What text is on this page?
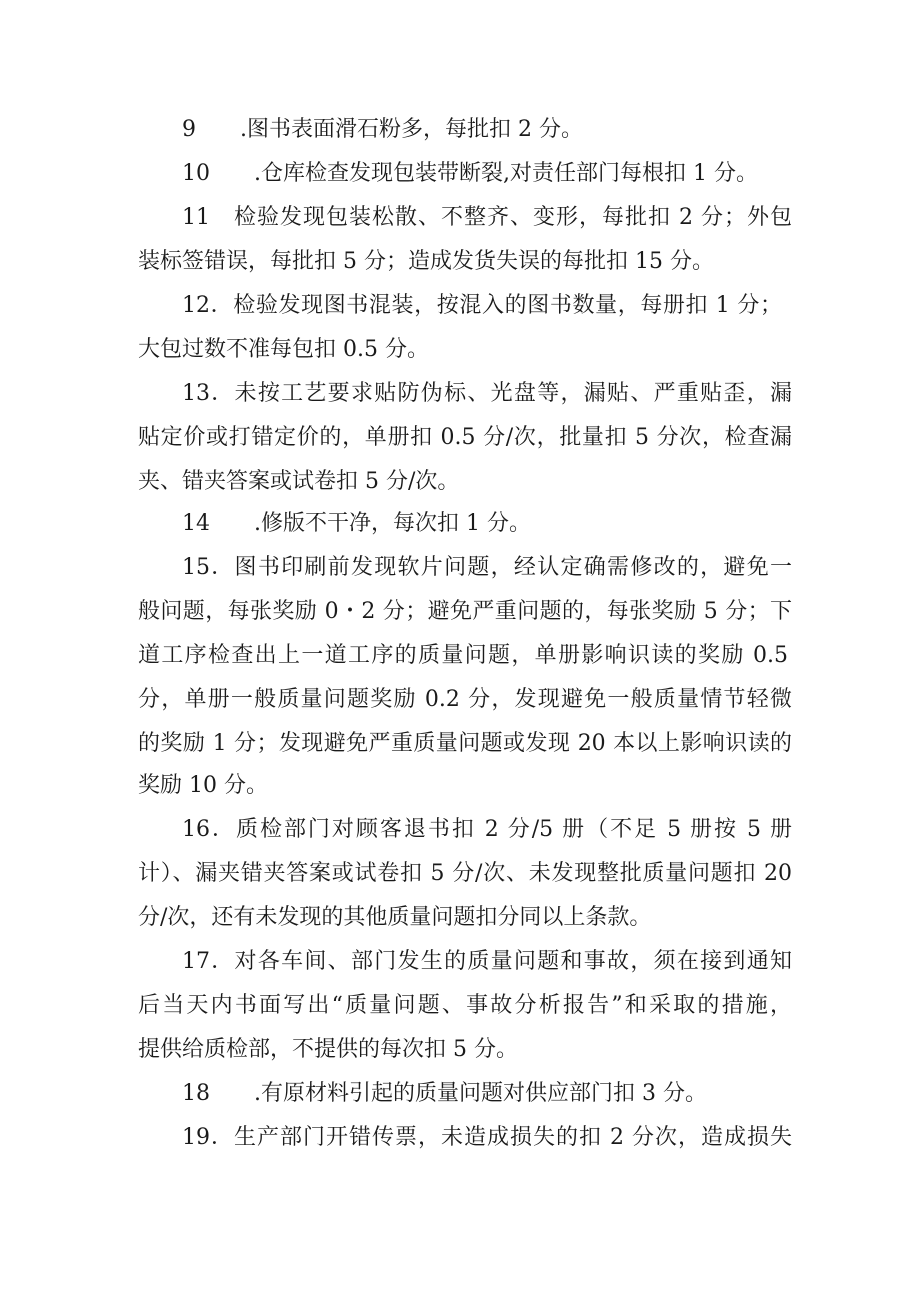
9　　.图书表面滑石粉多，每批扣 2 分。
10　　.仓库检查发现包装带断裂,对责任部门每根扣 1 分。
11　检验发现包装松散、不整齐、变形，每批扣 2 分；外包
装标签错误，每批扣 5 分；造成发货失误的每批扣 15 分。
12．检验发现图书混装，按混入的图书数量，每册扣 1 分；
大包过数不准每包扣 0.5 分。
13．未按工艺要求贴防伪标、光盘等，漏贴、严重贴歪，漏
贴定价或打错定价的，单册扣 0.5 分/次，批量扣 5 分次，检查漏
夹、错夹答案或试卷扣 5 分/次。
14　　.修版不干净，每次扣 1 分。
15．图书印刷前发现软片问题，经认定确需修改的，避免一
般问题，每张奖励 0・2 分；避免严重问题的，每张奖励 5 分；下
道工序检查出上一道工序的质量问题，单册影响识读的奖励 0.5
分，单册一般质量问题奖励 0.2 分，发现避免一般质量情节轻微
的奖励 1 分；发现避免严重质量问题或发现 20 本以上影响识读的
奖励 10 分。
16．质检部门对顾客退书扣 2 分/5 册（不足 5 册按 5 册
计）、漏夹错夹答案或试卷扣 5 分/次、未发现整批质量问题扣 20
分/次，还有未发现的其他质量问题扣分同以上条款。
17．对各车间、部门发生的质量问题和事故，须在接到通知
后当天内书面写出“质量问题、事故分析报告”和采取的措施，
提供给质检部，不提供的每次扣 5 分。
18　　.有原材料引起的质量问题对供应部门扣 3 分。
19．生产部门开错传票，未造成损失的扣 2 分次，造成损失
